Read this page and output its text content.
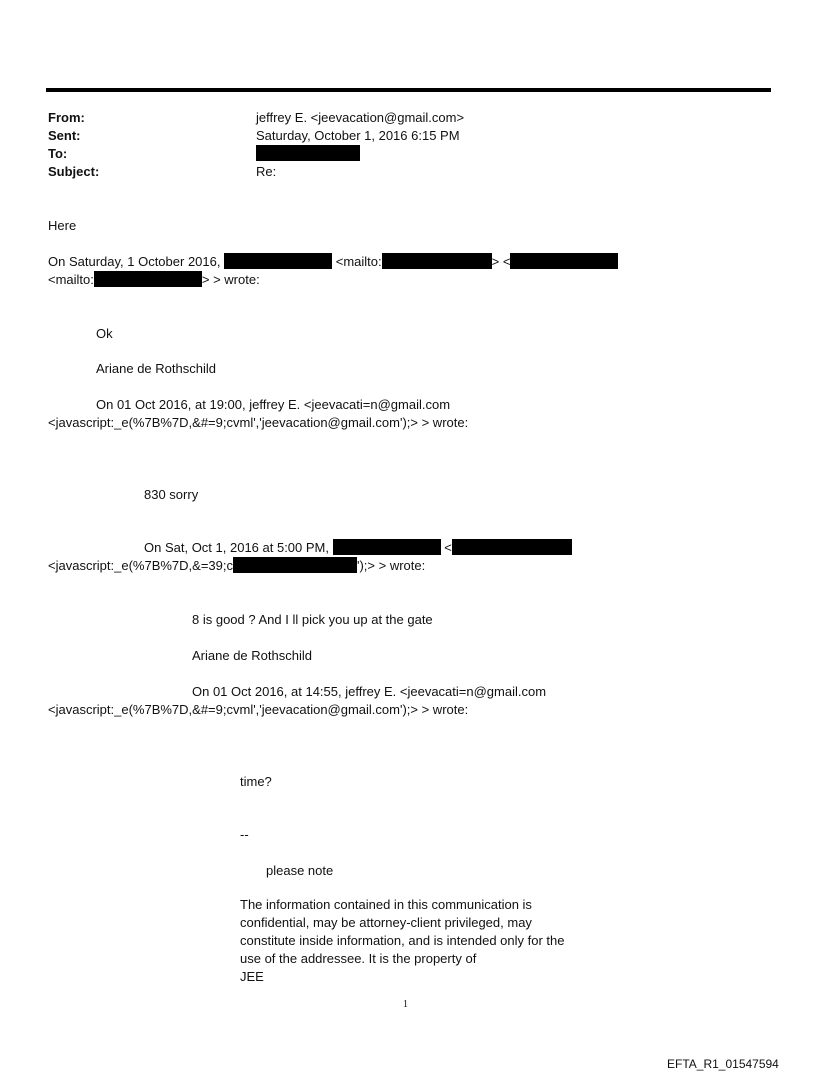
From:	jeffrey E. <jeevacation@gmail.com>
Sent:	Saturday, October 1, 2016 6:15 PM
To:
Subject:	Re:
Here
On Saturday, 1 October 2016,	<mailto:	> <
<mailto:	> > wrote:
Ok
Ariane de Rothschild
On 01 Oct 2016, at 19:00, jeffrey E. <jeevacati=n@gmail.com
<javascript:_e(%7B%7D,&#=9;cvml','jeevacation@gmail.com');> > wrote:
830 sorry
On Sat, Oct 1, 2016 at 5:00 PM,	<
<javascript:_e(%7B%7D,&=39;c	');> > wrote:
8 is good ? And I ll pick you up at the gate
Ariane de Rothschild
On 01 Oct 2016, at 14:55, jeffrey E. <jeevacati=n@gmail.com
<javascript:_e(%7B%7D,&#=9;cvml','jeevacation@gmail.com');> > wrote:
time?
--
please note
The information contained in this communication is confidential, may be attorney-client privileged, may constitute inside information, and is intended only for the use of the addressee. It is the property of
JEE
1
EFTA_R1_01547594
